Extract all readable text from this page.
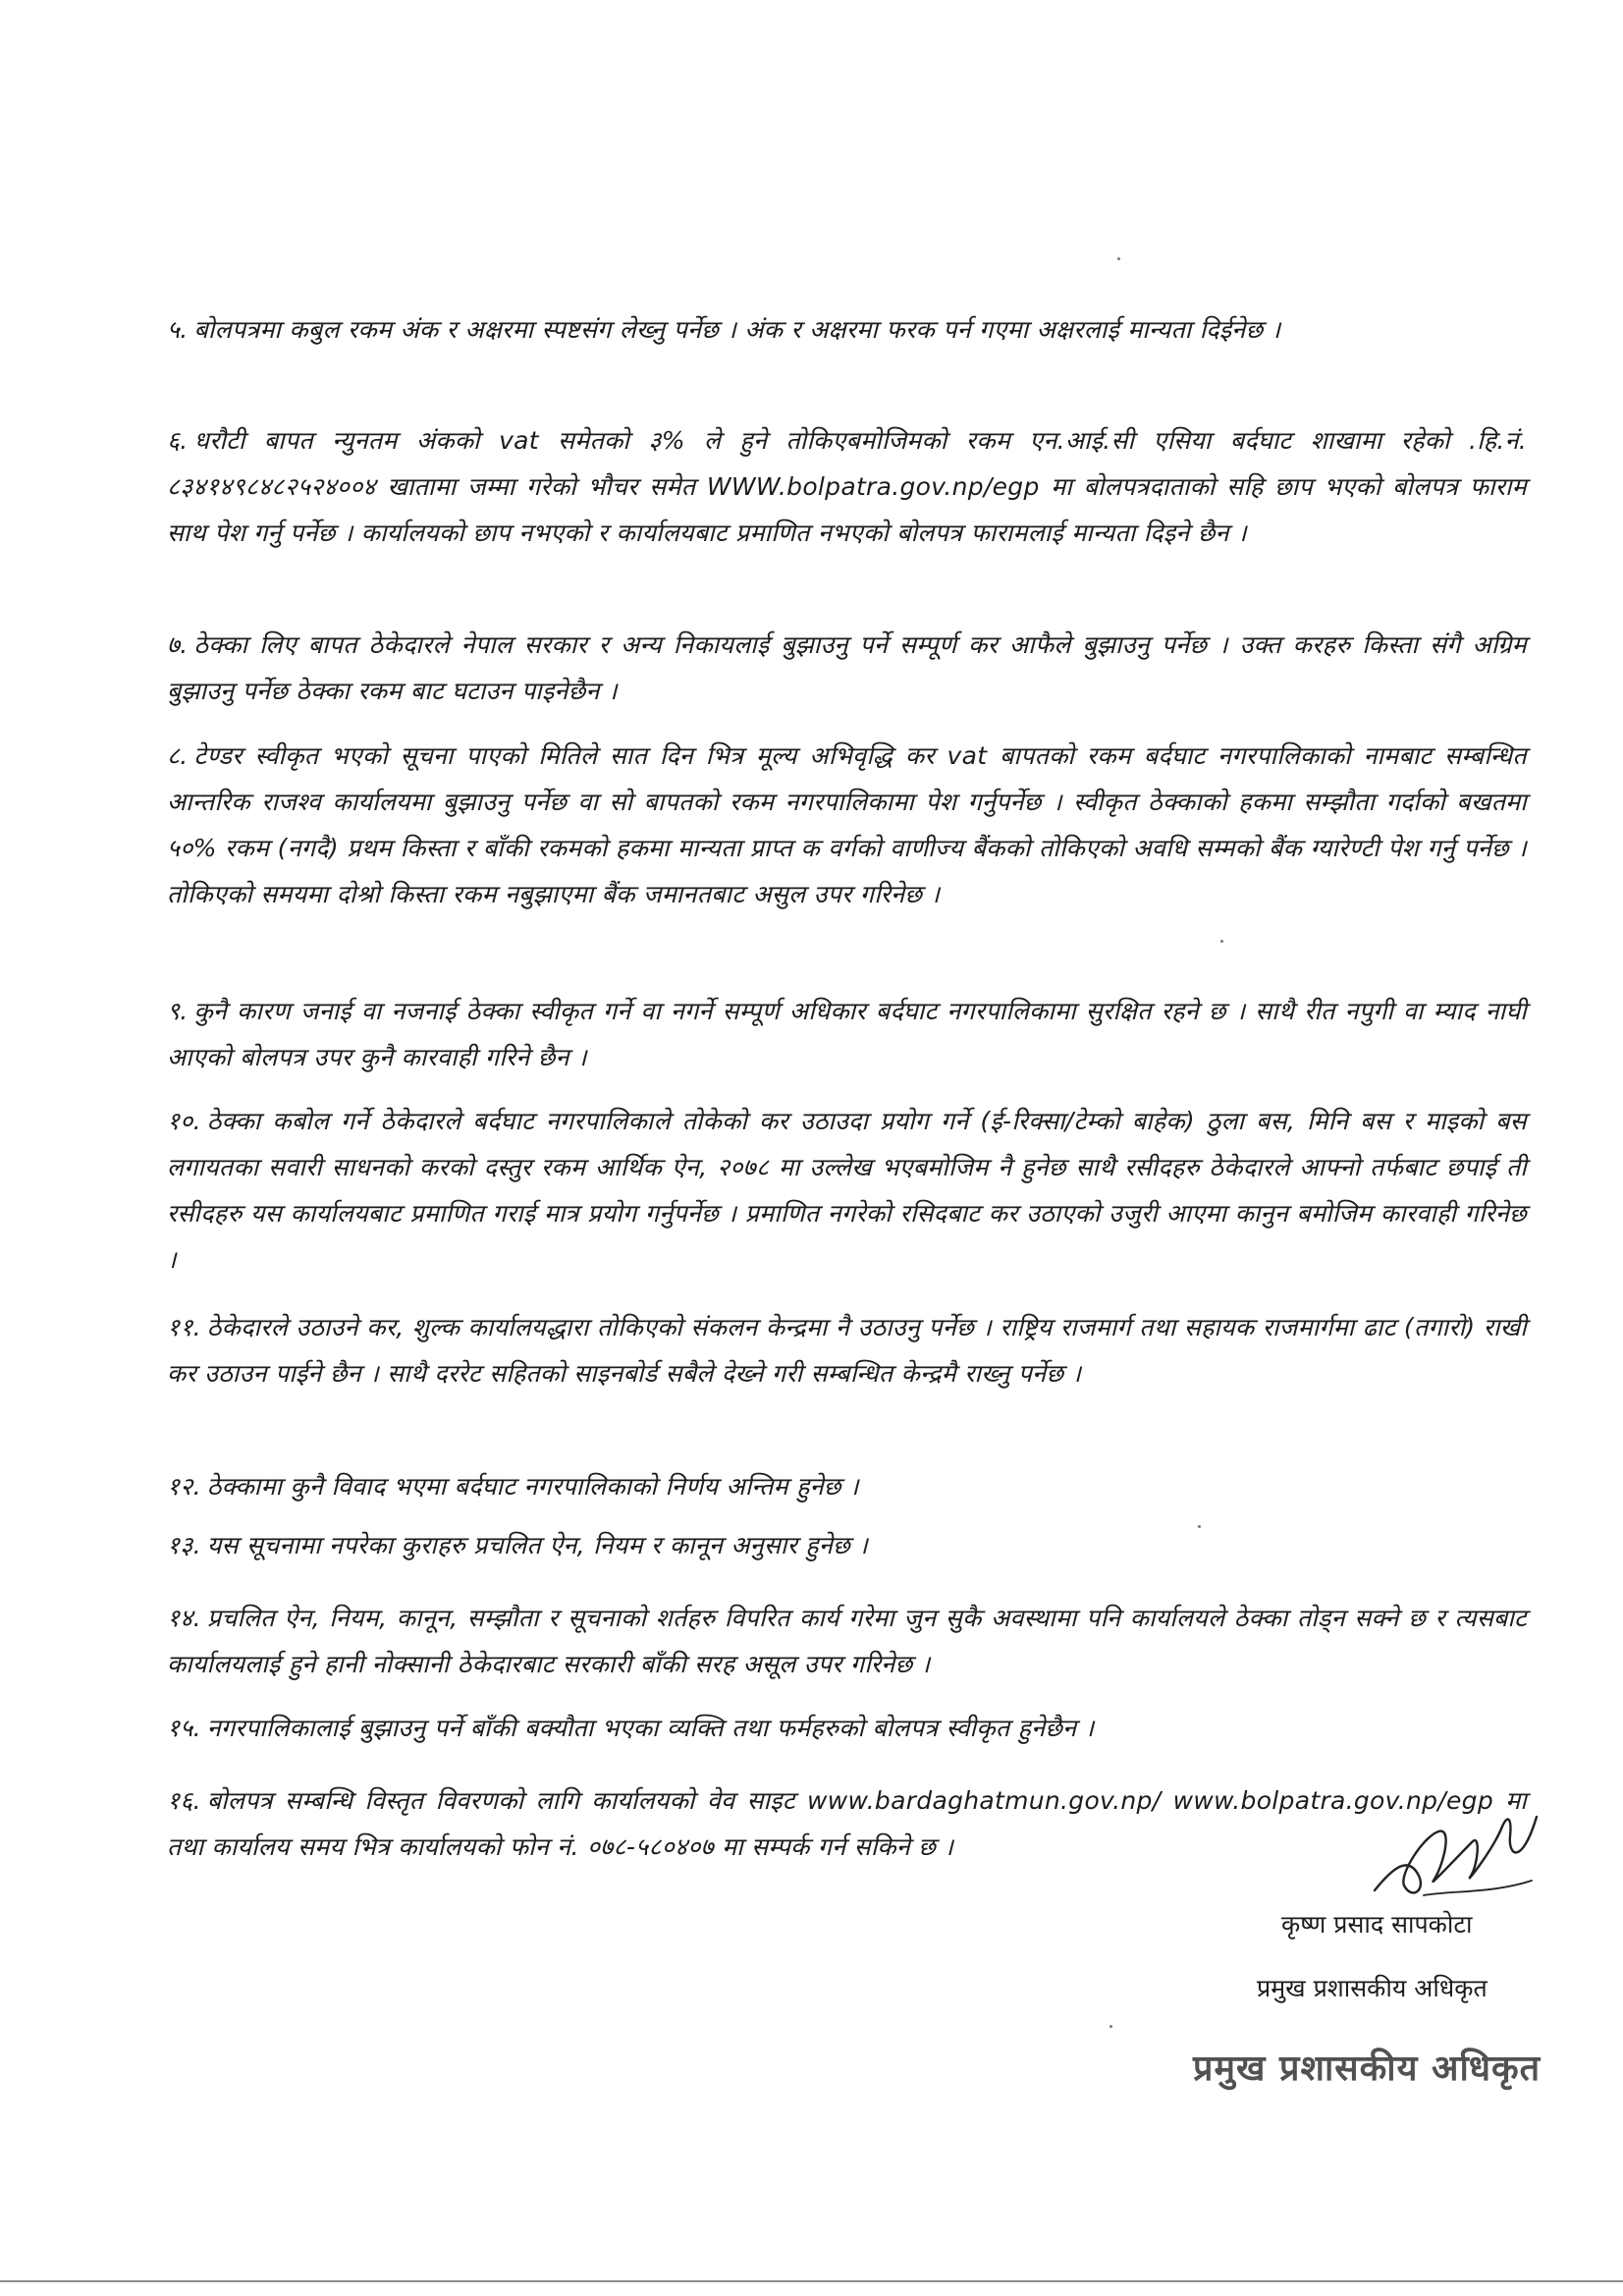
५. बोलपत्रमा कबुल रकम अंक र अक्षरमा स्पष्टसंग लेख्नु पर्नेछ । अंक र अक्षरमा फरक पर्न गएमा अक्षरलाई मान्यता दिईनेछ ।

६. धरौटी बापत न्युनतम अंकको vat समेतको ३% ले हुने तोकिएबमोजिमको रकम एन.आई.सी एसिया बर्दघाट शाखामा रहेको .हि.नं. ८३४१४९८४८२५२४००४ खातामा जम्मा गरेको भौचर समेत WWW.bolpatra.gov.np/egp मा बोलपत्रदाताको सहि छाप भएको बोलपत्र फाराम साथ पेश गर्नु पर्नेछ । कार्यालयको छाप नभएको र कार्यालयबाट प्रमाणित नभएको बोलपत्र फारामलाई मान्यता दिइने छैन ।

७. ठेक्का लिए बापत ठेकेदारले नेपाल सरकार र अन्य निकायलाई बुझाउनु पर्ने सम्पूर्ण कर आफैले बुझाउनु पर्नेछ । उक्त करहरु किस्ता संगै अग्रिम बुझाउनु पर्नेछ ठेक्का रकम बाट घटाउन पाइनेछैन ।

८. टेण्डर स्वीकृत भएको सूचना पाएको मितिले सात दिन भित्र मूल्य अभिवृद्धि कर vat बापतको रकम बर्दघाट नगरपालिकाको नामबाट सम्बन्धित आन्तरिक राजश्व कार्यालयमा बुझाउनु पर्नेछ वा सो बापतको रकम नगरपालिकामा पेश गर्नुपर्नेछ । स्वीकृत ठेक्काको हकमा सम्झौता गर्दाको बखतमा ५०% रकम (नगदै) प्रथम किस्ता र बाँकी रकमको हकमा मान्यता प्राप्त क वर्गको वाणीज्य बैंकको तोकिएको अवधि सम्मको बैंक ग्यारेण्टी पेश गर्नु पर्नेछ । तोकिएको समयमा दोश्रो किस्ता रकम नबुझाएमा बैंक जमानतबाट असुल उपर गरिनेछ ।

९. कुनै कारण जनाई वा नजनाई ठेक्का स्वीकृत गर्ने वा नगर्ने सम्पूर्ण अधिकार बर्दघाट नगरपालिकामा सुरक्षित रहने छ । साथै रीत नपुगी वा म्याद नाघी आएको बोलपत्र उपर कुनै कारवाही गरिने छैन ।

१०. ठेक्का कबोल गर्ने ठेकेदारले बर्दघाट नगरपालिकाले तोकेको कर उठाउदा प्रयोग गर्ने (ई-रिक्सा/टेम्को बाहेक) ठुला बस, मिनि बस र माइको बस लगायतका सवारी साधनको करको दस्तुर रकम आर्थिक ऐन, २०७८ मा उल्लेख भएबमोजिम नै हुनेछ साथै रसीदहरु ठेकेदारले आफ्नो तर्फबाट छपाई ती रसीदहरु यस कार्यालयबाट प्रमाणित गराई मात्र प्रयोग गर्नुपर्नेछ । प्रमाणित नगरेको रसिदबाट कर उठाएको उजुरी आएमा कानुन बमोजिम कारवाही गरिनेछ ।

११. ठेकेदारले उठाउने कर, शुल्क कार्यालयद्धारा तोकिएको संकलन केन्द्रमा नै उठाउनु पर्नेछ । राष्ट्रिय राजमार्ग तथा सहायक राजमार्गमा ढाट (तगारो) राखी कर उठाउन पाईने छैन । साथै दररेट सहितको साइनबोर्ड सबैले देख्ने गरी सम्बन्धित केन्द्रमै राख्नु पर्नेछ ।

१२. ठेक्कामा कुनै विवाद भएमा बर्दघाट नगरपालिकाको निर्णय अन्तिम हुनेछ ।

१३. यस सूचनामा नपरेका कुराहरु प्रचलित ऐन, नियम र कानून अनुसार हुनेछ ।

१४. प्रचलित ऐन, नियम, कानून, सम्झौता र सूचनाको शर्तहरु विपरित कार्य गरेमा जुन सुकै अवस्थामा पनि कार्यालयले ठेक्का तोड्न सक्ने छ र त्यसबाट कार्यालयलाई हुने हानी नोक्सानी ठेकेदारबाट सरकारी बाँकी सरह असूल उपर गरिनेछ ।

१५. नगरपालिकालाई बुझाउनु पर्ने बाँकी बक्यौता भएका व्यक्ति तथा फर्महरुको बोलपत्र स्वीकृत हुनेछैन ।

१६. बोलपत्र सम्बन्धि विस्तृत विवरणको लागि कार्यालयको वेव साइट www.bardaghatmun.gov.np/ www.bolpatra.gov.np/egp मा तथा कार्यालय समय भित्र कार्यालयको फोन नं. ०७८-५८०४०७ मा सम्पर्क गर्न सकिने छ ।

कृष्ण प्रसाद सापकोटा
प्रमुख प्रशासकीय अधिकृत
प्रमुख प्रशासकीय अधिकृत
